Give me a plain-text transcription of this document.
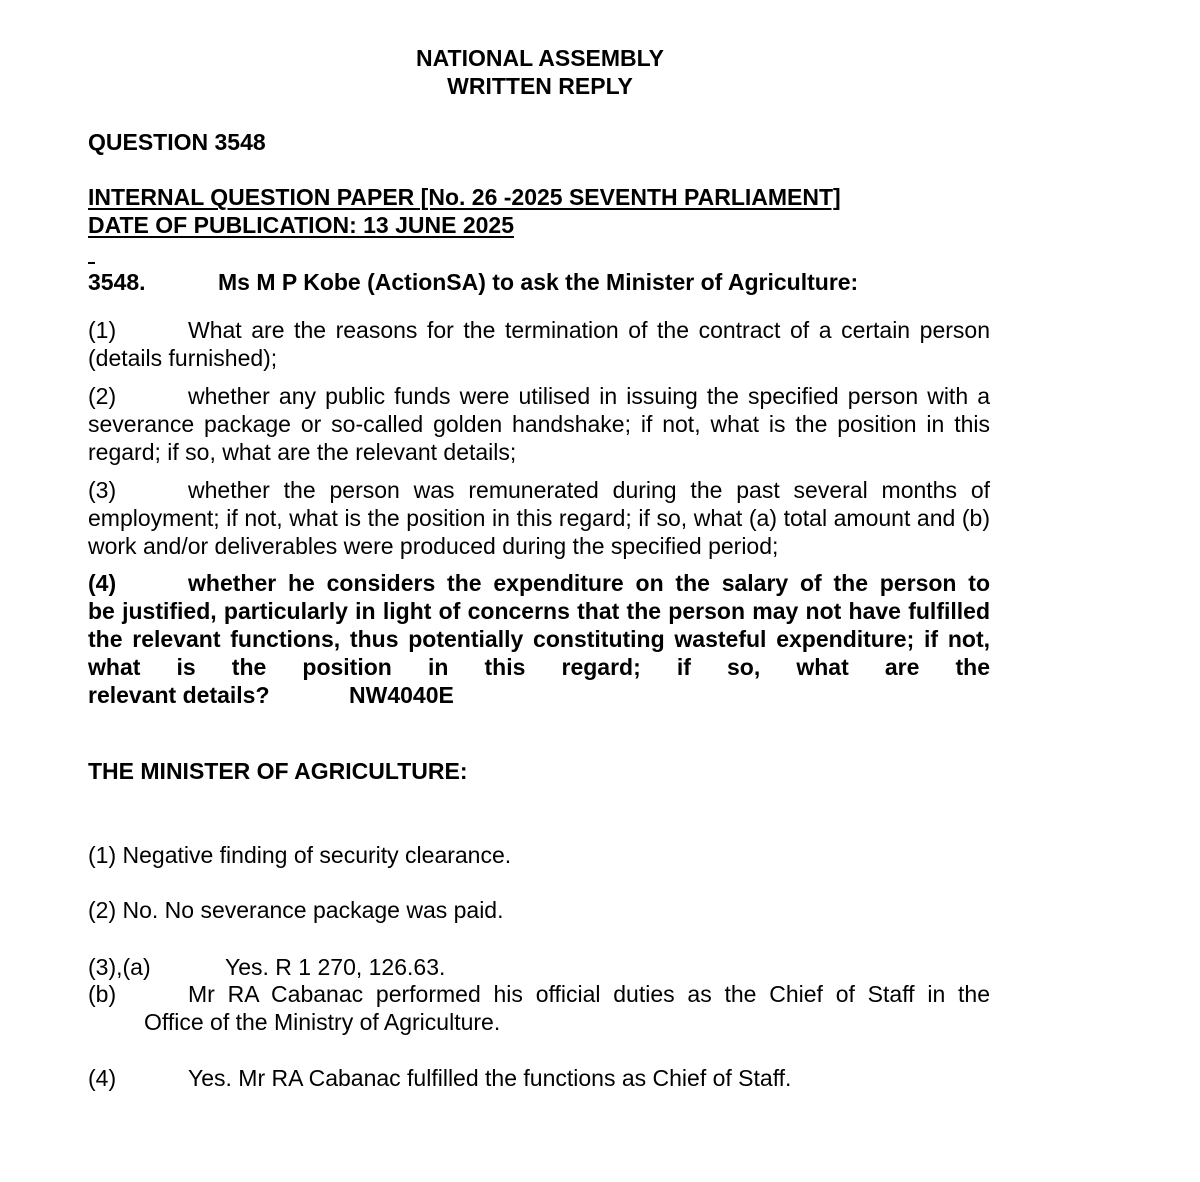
NATIONAL ASSEMBLY
WRITTEN REPLY
QUESTION 3548
INTERNAL QUESTION PAPER [No. 26 -2025 SEVENTH PARLIAMENT]
DATE OF PUBLICATION: 13 JUNE 2025
3548.	Ms M P Kobe (ActionSA) to ask the Minister of Agriculture:
(1)	What are the reasons for the termination of the contract of a certain person
(details furnished);
(2)	whether any public funds were utilised in issuing the specified person with a
severance package or so-called golden handshake; if not, what is the position in this regard; if so, what are the relevant details;
(3)	whether the person was remunerated during the past several months of
employment; if not, what is the position in this regard; if so, what (a) total amount and (b) work and/or deliverables were produced during the specified period;
(4)	whether he considers the expenditure on the salary of the person to
be justified, particularly in light of concerns that the person may not have fulfilled the relevant functions, thus potentially constituting wasteful expenditure; if not, what is the position in this regard; if so, what are the
relevant details?	NW4040E
THE MINISTER OF AGRICULTURE:
(1) Negative finding of security clearance.
(2) No. No severance package was paid.
(3),(a)	Yes. R 1 270, 126.63.
(b)	Mr RA Cabanac performed his official duties as the Chief of Staff in the
Office of the Ministry of Agriculture.
(4)	Yes. Mr RA Cabanac fulfilled the functions as Chief of Staff.
